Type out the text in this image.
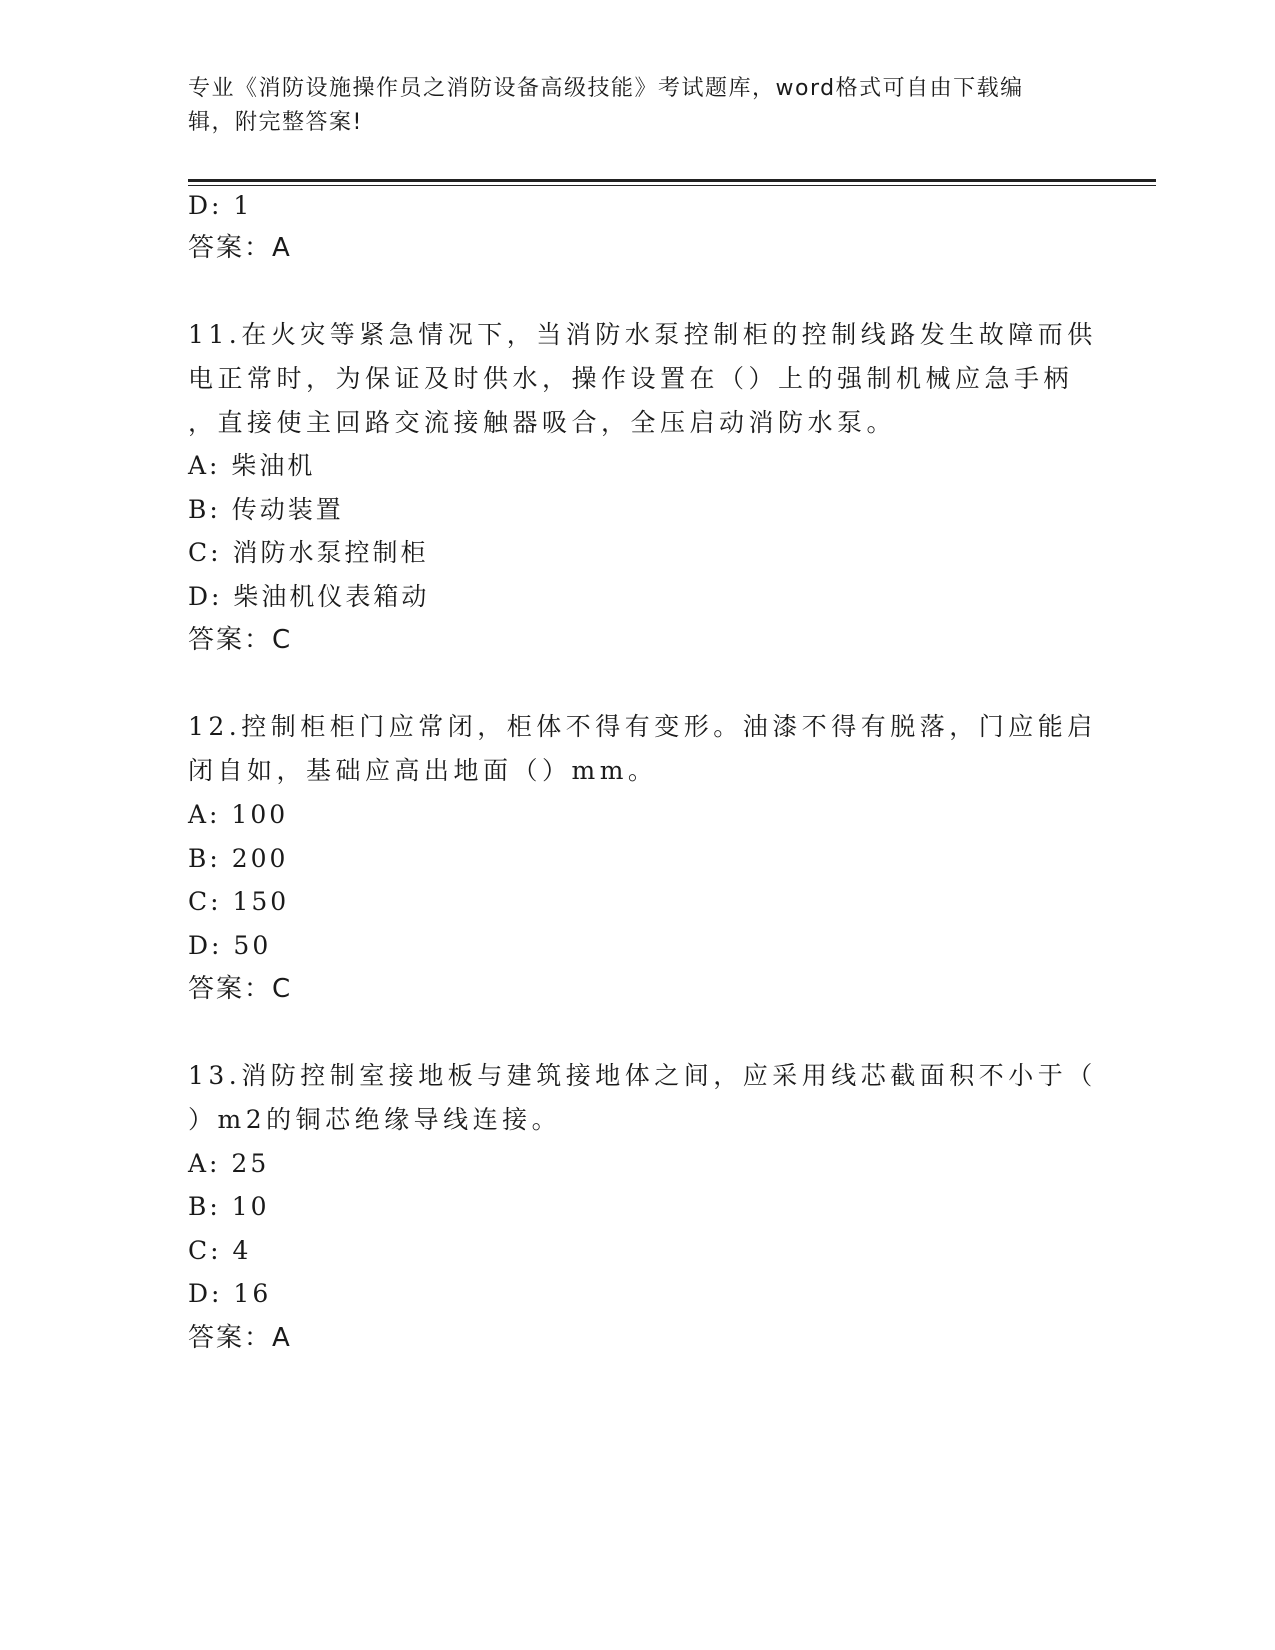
专业《消防设施操作员之消防设备高级技能》考试题库，word格式可自由下载编
辑，附完整答案!
D: 1
答案：A
11.在火灾等紧急情况下，当消防水泵控制柜的控制线路发生故障而供
电正常时，为保证及时供水，操作设置在（）上的强制机械应急手柄
，直接使主回路交流接触器吸合，全压启动消防水泵。
A: 柴油机
B: 传动装置
C: 消防水泵控制柜
D: 柴油机仪表箱动
答案：C
12.控制柜柜门应常闭，柜体不得有变形。油漆不得有脱落，门应能启
闭自如，基础应高出地面（）mm。
A: 100
B: 200
C: 150
D: 50
答案：C
13.消防控制室接地板与建筑接地体之间，应采用线芯截面积不小于（
）m2的铜芯绝缘导线连接。
A: 25
B: 10
C: 4
D: 16
答案：A
